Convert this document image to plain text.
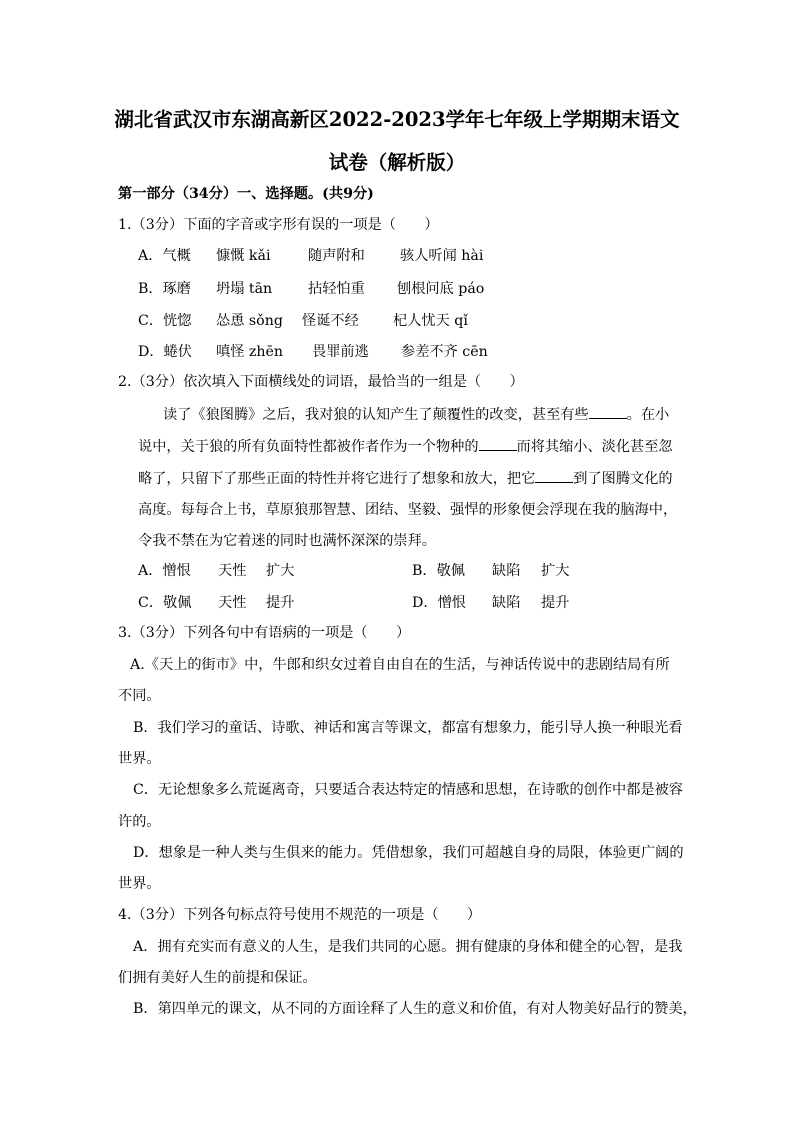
湖北省武汉市东湖高新区2022-2023学年七年级上学期期末语文
试卷（解析版）
第一部分（34分）一、选择题。(共9分)
1.（3分）下面的字音或字形有误的一项是（　　）
A．气概 慷慨 kǎi	随声附和 骇人听闻 hài
B．琢磨 坍塌 tān	拈轻怕重 刨根问底 páo
C．恍惚 怂恿 sǒng 怪诞不经 杞人忧天 qǐ
D．蜷伏 嗔怪 zhēn 畏罪前逃 参差不齐 cēn
2.（3分）依次填入下面横线处的词语，最恰当的一组是（　　）
读了《狼图腾》之后，我对狼的认知产生了颠覆性的改变，甚至有些	。在小
说中，关于狼的所有负面特性都被作者作为一个物种的	而将其缩小、淡化甚至忽
略了，只留下了那些正面的特性并将它进行了想象和放大，把它	到了图腾文化的
高度。每每合上书，草原狼那智慧、团结、坚毅、强悍的形象便会浮现在我的脑海中，
令我不禁在为它着迷的同时也满怀深深的崇拜。
A．憎恨 天性 扩大	B．敬佩 缺陷 扩大
C．敬佩 天性 提升	D．憎恨 缺陷 提升
3.（3分）下列各句中有语病的一项是（　　）
A.《天上的街市》中，牛郎和织女过着自由自在的生活，与神话传说中的悲剧结局有所
不同。
B．我们学习的童话、诗歌、神话和寓言等课文，都富有想象力，能引导人换一种眼光看
世界。
C．无论想象多么荒诞离奇，只要适合表达特定的情感和思想，在诗歌的创作中都是被容
许的。
D．想象是一种人类与生俱来的能力。凭借想象，我们可超越自身的局限，体验更广阔的
世界。
4.（3分）下列各句标点符号使用不规范的一项是（　　）
A．拥有充实而有意义的人生，是我们共同的心愿。拥有健康的身体和健全的心智，是我
们拥有美好人生的前提和保证。
B．第四单元的课文，从不同的方面诠释了人生的意义和价值，有对人物美好品行的赞美，
